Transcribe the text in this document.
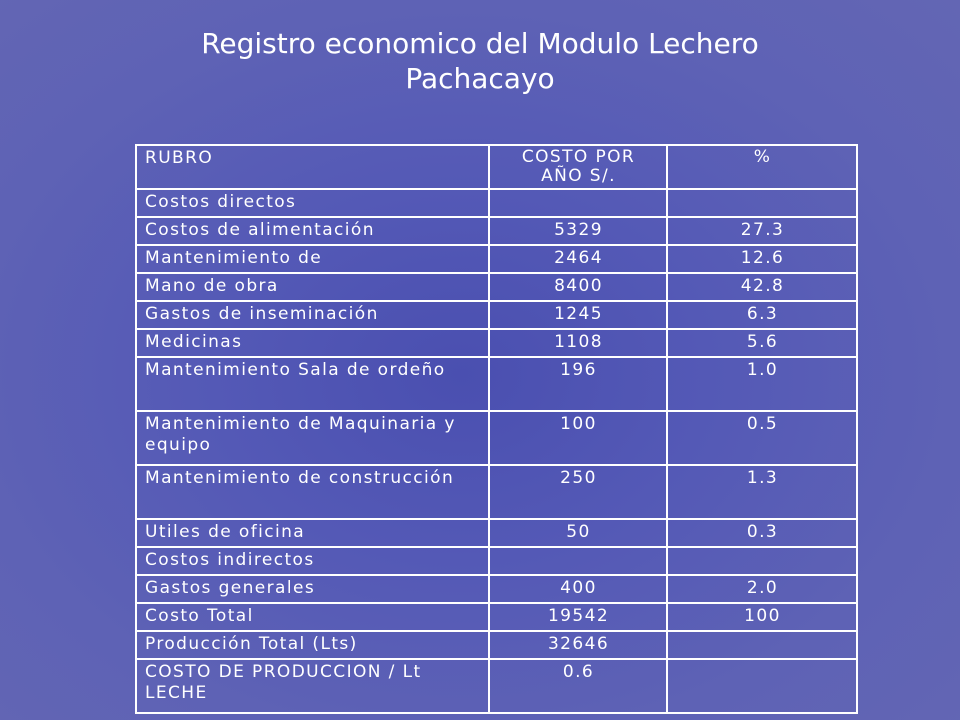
Registro economico del Modulo Lechero
Pachacayo
RUBRO	COSTO POR AÑO S/.	%
Costos directos		
Costos de alimentación	5329	27.3
Mantenimiento de	2464	12.6
Mano de obra	8400	42.8
Gastos de inseminación	1245	6.3
Medicinas	1108	5.6
Mantenimiento Sala de ordeño	196	1.0
Mantenimiento de Maquinaria y equipo	100	0.5
Mantenimiento de construcción	250	1.3
Utiles de oficina	50	0.3
Costos indirectos		
Gastos generales	400	2.0
Costo Total	19542	100
Producción Total (Lts)	32646	
COSTO DE PRODUCCION / Lt LECHE	0.6	
